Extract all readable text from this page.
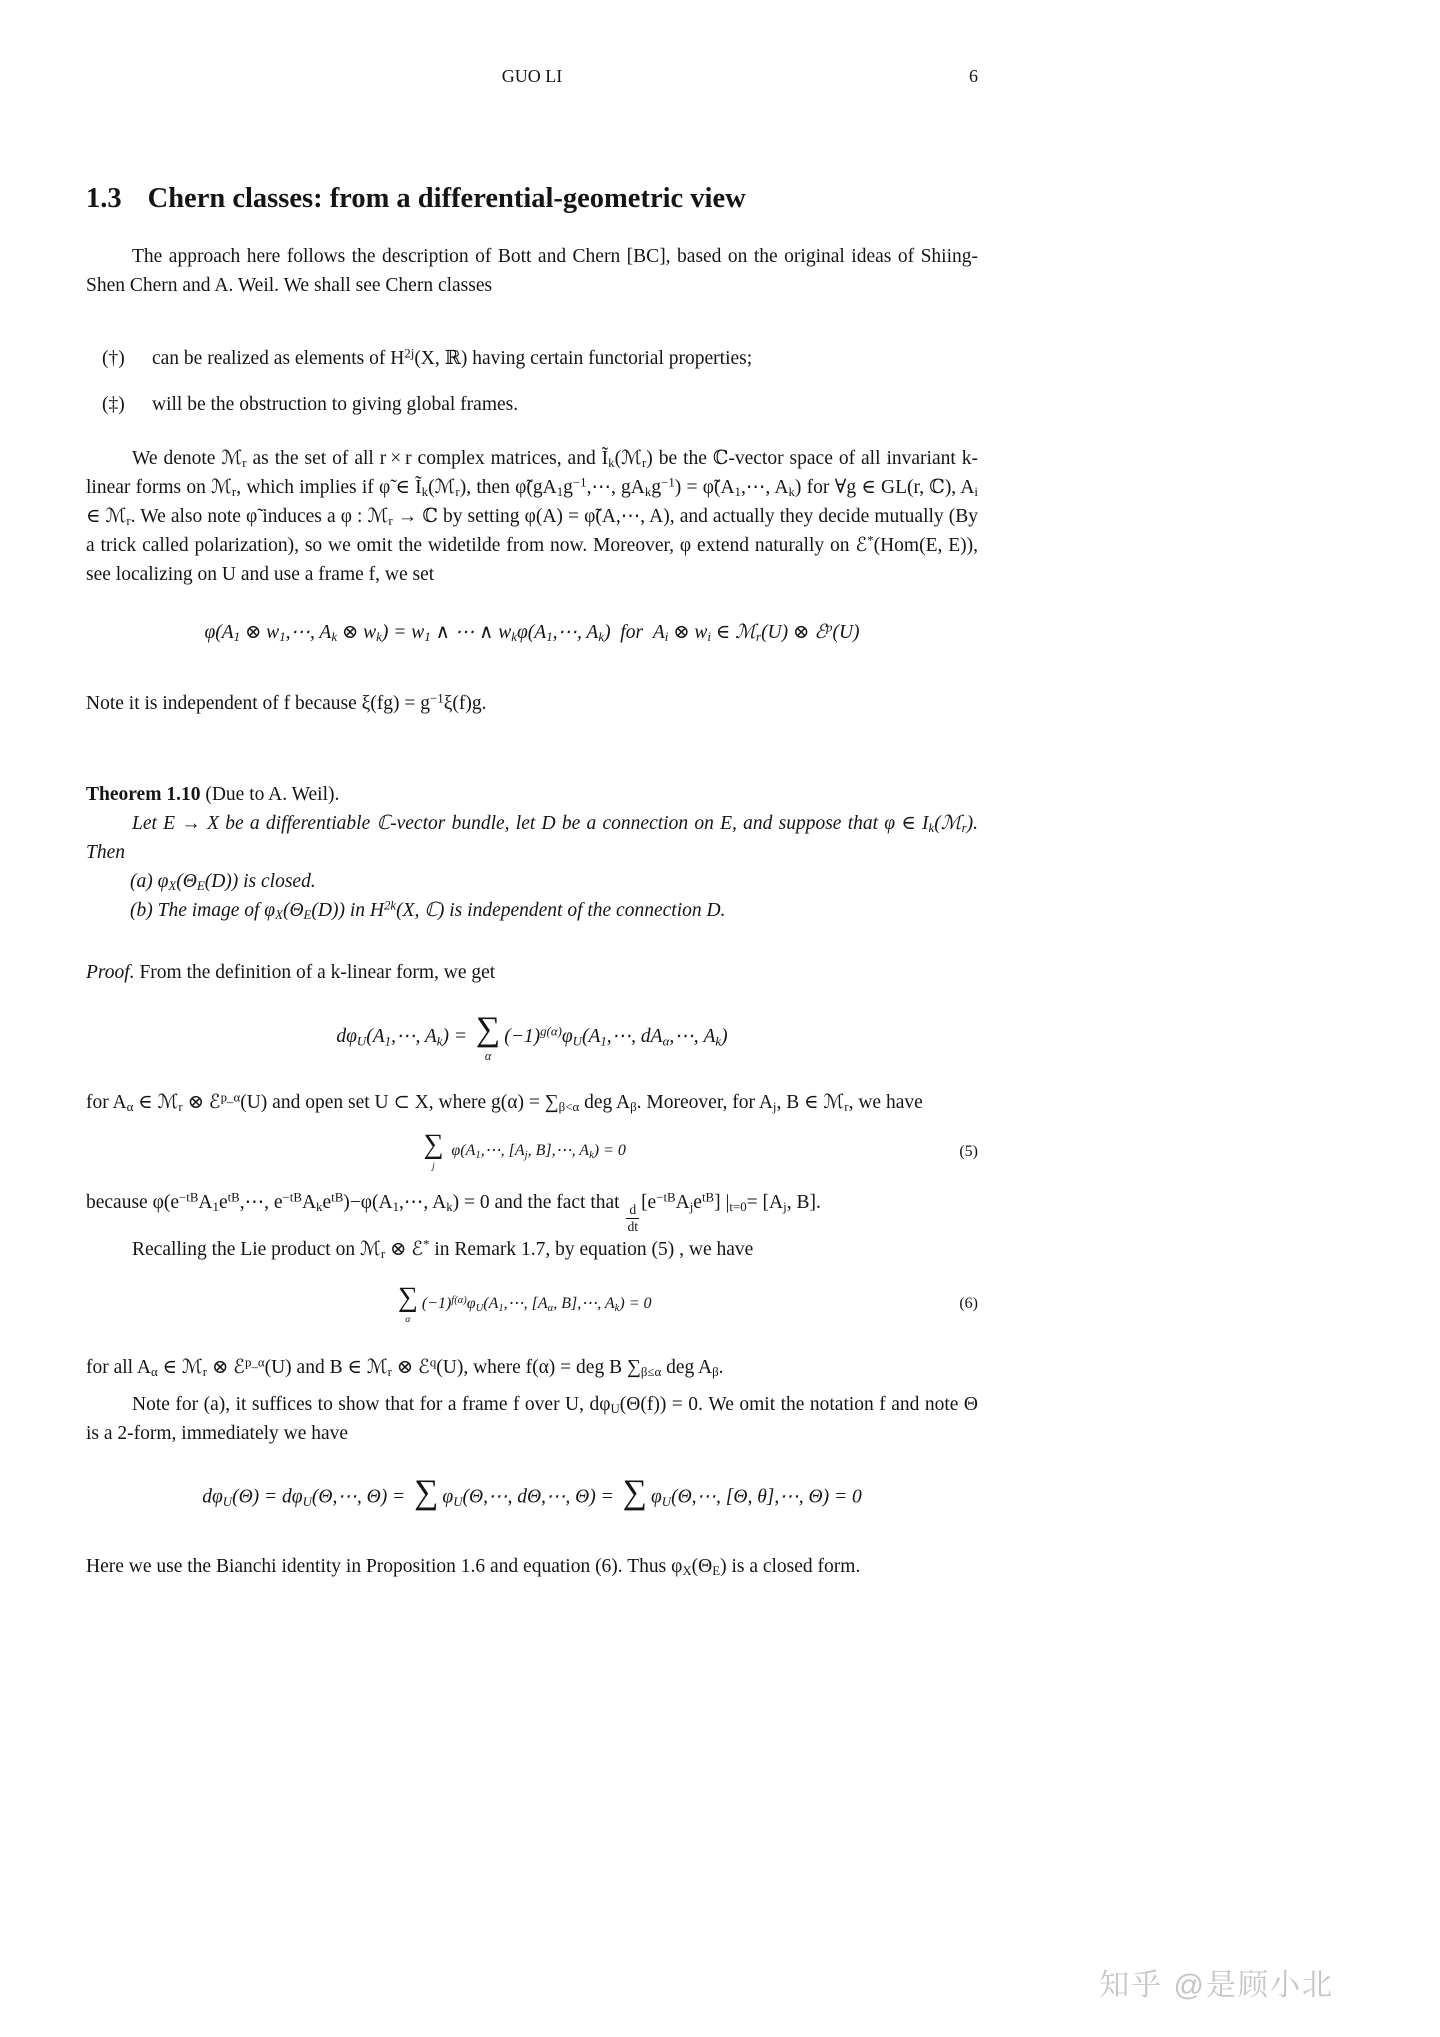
GUO LI	6
1.3 Chern classes: from a differential-geometric view

The approach here follows the description of Bott and Chern [BC], based on the original ideas of Shiing-Shen Chern and A. Weil. We shall see Chern classes

(†) can be realized as elements of $H^{2j}(X$, ℝ) having certain functorial properties;
(‡) will be the obstruction to giving global frames.

We denote ℳ$_r$ as the set of all r × r complex matrices, and $Ĩ_k(ℳ_r)$ be the ℂ-vector space of all invariant k-linear forms on ℳ$_r$, which implies if φ̃ ∈ $Ĩ_k(ℳ_r)$, then $\varphĩ(gA_1g^{-1},\cdots$, $gA_kg^{-1}$) = $\varphĩ(A_1,\cdots$, $A_k$) for ∀g ∈ GL(r, ℂ), $A_i$ ∈ ℳ$_r$. We also note φ̃ induces a φ : ℳ$_r$ → ℂ by setting φ(A) = φ̃(A,⋯, A), and actually they decide mutually (By a trick called polarization), so we omit the widetilde from now. Moreover, φ extend naturally on ℰ*(Hom(E, E)), see localizing on U and use a frame f, we set

$\varphi(A_1$ ⊗ $w_1,\cdots$, $A_k$ ⊗ $w_k) = w_1$ ∧ ⋯ ∧ $w_k\varphi(A_1,\cdots$, $A_k$)  for  $A_i$ ⊗ $w_i$ ∈ ℳ$_r$(U) ⊗ ℰ$^p$(U)

Note it is independent of f because $\xi(fg) = g^{-1}\xi(f)g$.

Theorem 1.10 (Due to A. Weil).

Let E → X be a differentiable ℂ-vector bundle, let D be a connection on E, and suppose that φ ∈ $I_k(ℳ_r)$. Then

(a) $\varphi_X(\Theta_E(D))$ is closed.
(b) The image of $\varphi_X(\Theta_E(D))$ in $H^{2k}(X$, ℂ) is independent of the connection D.

Proof. From the definition of a k-linear form, we get

$d\varphi_U(A_1,\cdots$, $A_k$) = ∑
α
$(-1)^{g(\alpha)}\varphi_U(A_1,\cdots$, $dA_\alpha,\cdots$, $A_k$)

for $A_\alpha$ ∈ ℳ$_r$ ⊗ ℰ$^{p\_\alpha}$(U) and open set U ⊂ X, where $g(\alpha) = \sum_{\beta<\alpha}$ deg $A_\beta$. Moreover, for $A_j$, B ∈ ℳ$_r$, we have

∑
j
$\varphi(A_1,\cdots$, [$A_j$, B],⋯, $A_k) = 0$	(5)

because $\varphi(e^{-tB}A_1e^{tB},\cdots$, $e^{-tB}A_ke^{tB})-\varphi(A_1,\cdots$, $A_k) = 0$ and the fact that $\frac{d}{dt} [e^{-tB}A_je^{tB}]$ $|_{t=0}= [A_j$, B].

Recalling the Lie product on ℳ$_r$ ⊗ ℰ* in Remark 1.7, by equation (5) , we have

∑
α
$(-1)^{f(\alpha)}\varphi_U(A_1,\cdots$, [$A_\alpha$, B],⋯, $A_k) = 0$	(6)

for all $A_\alpha$ ∈ ℳ$_r$ ⊗ ℰ$^{p\_\alpha}$(U) and B ∈ ℳ$_r$ ⊗ ℰ$^q$(U), where f(α) = deg B $\sum_{\beta\le\alpha}$ deg $A_\beta$.

Note for (a), it suffices to show that for a frame f over U, $d\varphi_U(\Theta(f)) = 0$. We omit the notation f and note Θ is a 2-form, immediately we have

$d\varphi_U(\Theta)$ = $d\varphi_U(\Theta,\cdots$, Θ) = ∑ $\varphi_U(\Theta,\cdots$, dΘ,⋯, Θ) = ∑ $\varphi_U(\Theta,\cdots$, [Θ, θ],⋯, Θ) = 0

Here we use the Bianchi identity in Proposition 1.6 and equation (6). Thus $\varphi_X(\Theta_E)$ is a closed form.

知乎 @是顾小北
